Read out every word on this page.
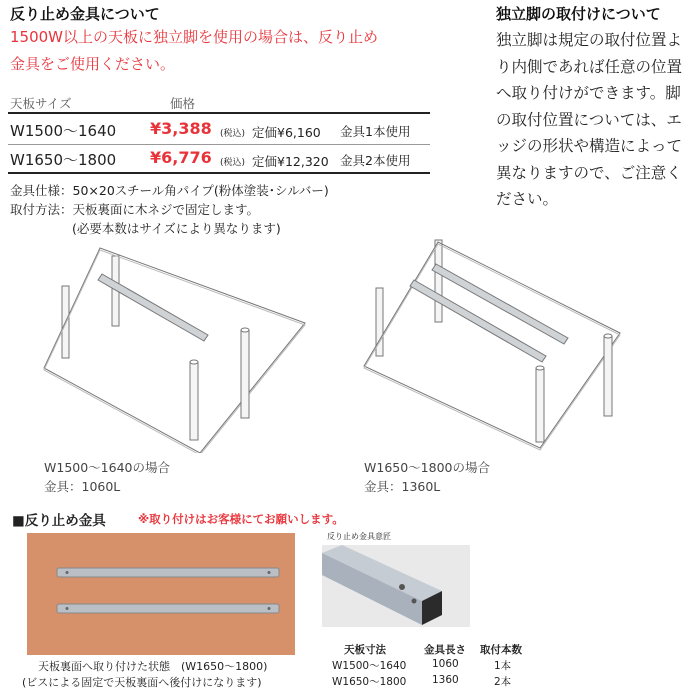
反り止め金具について
1500W以上の天板に独立脚を使用の場合は、反り止め
金具をご使用ください。
天板サイズ	価格
W1500〜1640 ¥3,388 (税込) 定価¥6,160 金具1本使用
W1650〜1800 ¥6,776 (税込) 定価¥12,320 金具2本使用
金具仕様：50×20スチール角パイプ(粉体塗装･シルバー)
取付方法：天板裏面に木ネジで固定します。
(必要本数はサイズにより異なります)
独立脚の取付けについて
独立脚は規定の取付位置よ
り内側であれば任意の位置
へ取り付けができます。脚
の取付位置については、エ
ッジの形状や構造によって
異なりますので、ご注意く
ださい。
W1500〜1640の場合
金具：1060L
W1650〜1800の場合
金具：1360L
■反り止め金具	※取り付けはお客様にてお願いします。
天板裏面へ取り付けた状態　(W1650〜1800)
(ビスによる固定で天板裏面へ後付けになります)
反り止め金具意匠
天板寸法	金具長さ 取付本数
W1500〜1640 1060	1本
W1650〜1800 1360	2本
